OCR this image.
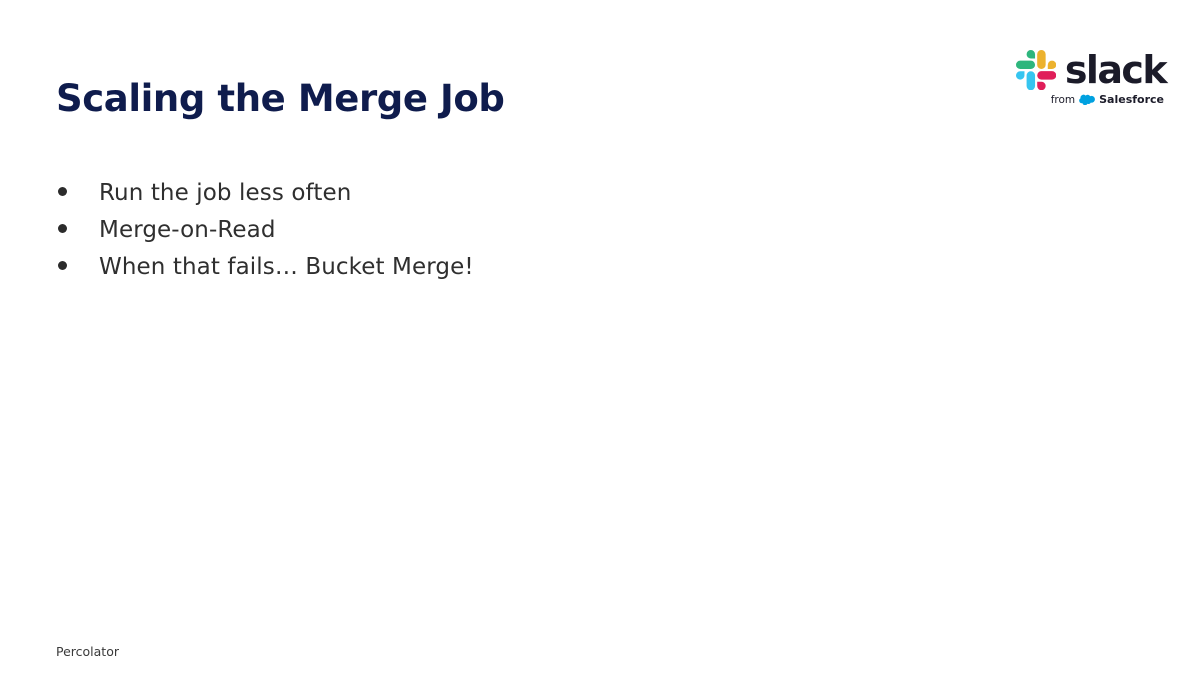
Scaling the Merge Job
Run the job less often
Merge-on-Read
When that fails… Bucket Merge!
Percolator
slack
from Salesforce
